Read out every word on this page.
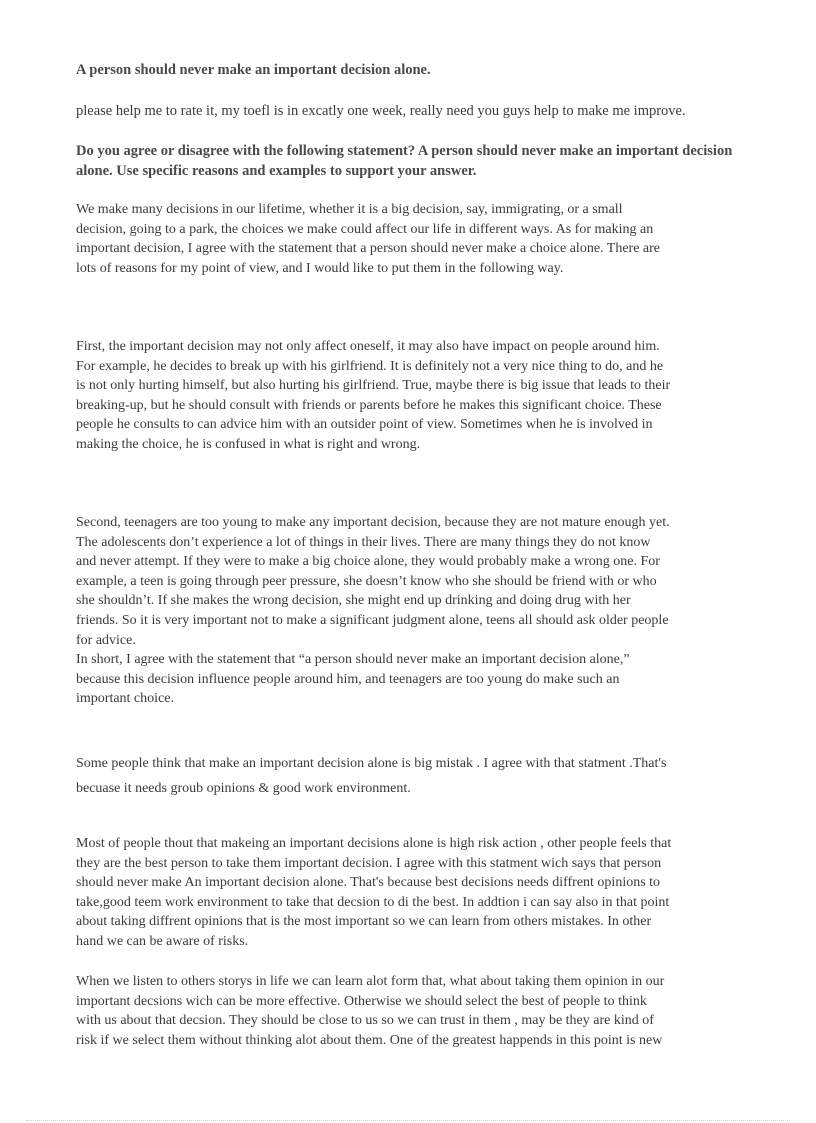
A person should never make an important decision alone.

please help me to rate it, my toefl is in excatly one week, really need you guys help to make me improve.

Do you agree or disagree with the following statement? A person should never make an important decision alone. Use specific reasons and examples to support your answer.

We make many decisions in our lifetime, whether it is a big decision, say, immigrating, or a small
decision, going to a park, the choices we make could affect our life in different ways. As for making an
important decision, I agree with the statement that a person should never make a choice alone. There are
lots of reasons for my point of view, and I would like to put them in the following way.

First, the important decision may not only affect oneself, it may also have impact on people around him.
For example, he decides to break up with his girlfriend. It is definitely not a very nice thing to do, and he
is not only hurting himself, but also hurting his girlfriend. True, maybe there is big issue that leads to their
breaking-up, but he should consult with friends or parents before he makes this significant choice. These
people he consults to can advice him with an outsider point of view. Sometimes when he is involved in
making the choice, he is confused in what is right and wrong.

Second, teenagers are too young to make any important decision, because they are not mature enough yet.
The adolescents don’t experience a lot of things in their lives. There are many things they do not know
and never attempt. If they were to make a big choice alone, they would probably make a wrong one. For
example, a teen is going through peer pressure, she doesn’t know who she should be friend with or who
she shouldn’t. If she makes the wrong decision, she might end up drinking and doing drug with her
friends. So it is very important not to make a significant judgment alone, teens all should ask older people
for advice.
In short, I agree with the statement that “a person should never make an important decision alone,”
because this decision influence people around him, and teenagers are too young do make such an
important choice.

Some people think that make an important decision alone is big mistak . I agree with that statment .That's
becuase it needs groub opinions & good work environment.

Most of people thout that makeing an important decisions alone is high risk action , other people feels that
they are the best person to take them important decision. I agree with this statment wich says that person
should never make An important decision alone. That's because best decisions needs diffrent opinions to
take,good teem work environment to take that decsion to di the best. In addtion i can say also in that point
about taking diffrent opinions that is the most important so we can learn from others mistakes. In other
hand we can be aware of risks.

When we listen to others storys in life we can learn alot form that, what about taking them opinion in our
important decsions wich can be more effective. Otherwise we should select the best of people to think
with us about that decsion. They should be close to us so we can trust in them , may be they are kind of
risk if we select them without thinking alot about them. One of the greatest happends in this point is new
